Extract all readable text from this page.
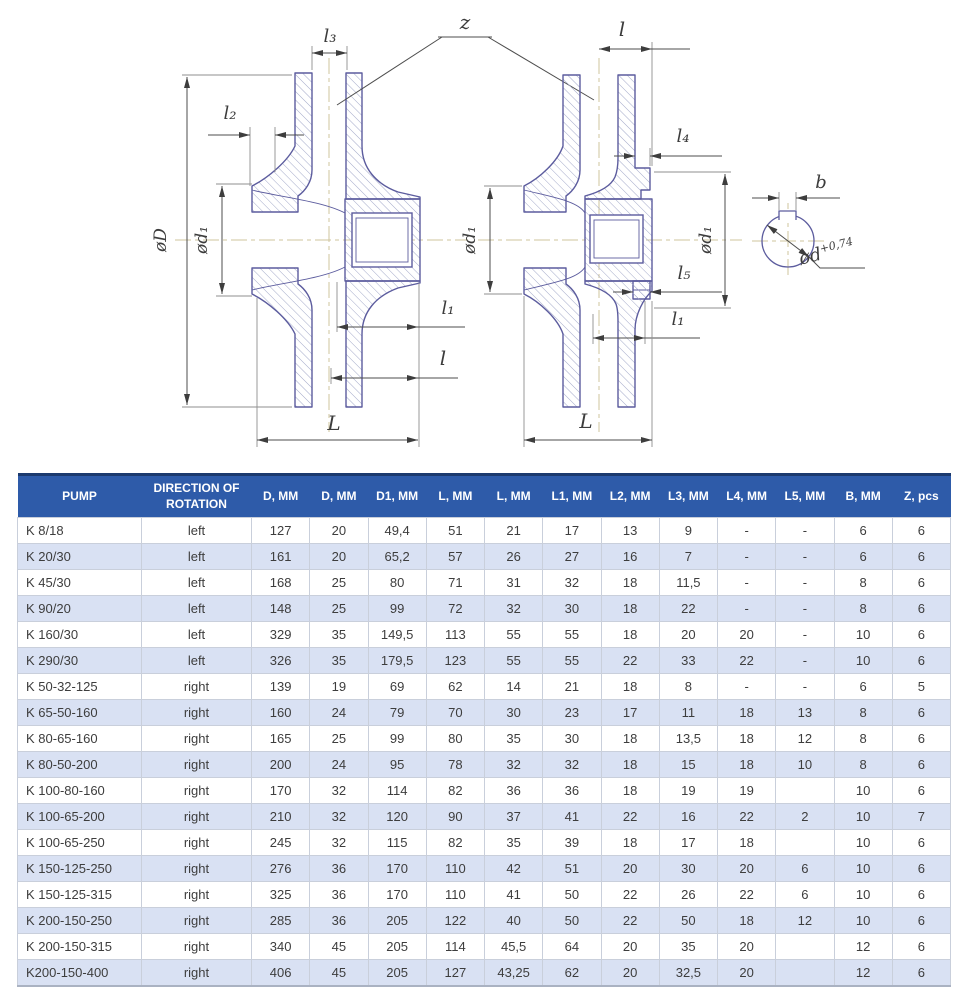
l₃
z
l₂
øD ød₁
l₁
l
L
l
l₄
ød₁	ød₁
l₅
l₁
L
b
$ød^{+0,74}$
PUMP	DIRECTION OF ROTATION	D, MM	D, MM	D1, MM	L, MM	L, MM	L1, MM	L2, MM	L3, MM	L4, MM	L5, MM	B, MM	Z, pcs
K 8/18	left	127	20	49,4	51	21	17	13	9	-	-	6	6
K 20/30	left	161	20	65,2	57	26	27	16	7	-	-	6	6
K 45/30	left	168	25	80	71	31	32	18	11,5	-	-	8	6
K 90/20	left	148	25	99	72	32	30	18	22	-	-	8	6
K 160/30	left	329	35	149,5	113	55	55	18	20	20	-	10	6
K 290/30	left	326	35	179,5	123	55	55	22	33	22	-	10	6
K 50-32-125	right	139	19	69	62	14	21	18	8	-	-	6	5
K 65-50-160	right	160	24	79	70	30	23	17	11	18	13	8	6
K 80-65-160	right	165	25	99	80	35	30	18	13,5	18	12	8	6
K 80-50-200	right	200	24	95	78	32	32	18	15	18	10	8	6
K 100-80-160	right	170	32	114	82	36	36	18	19	19		10	6
K 100-65-200	right	210	32	120	90	37	41	22	16	22	2	10	7
K 100-65-250	right	245	32	115	82	35	39	18	17	18		10	6
K 150-125-250	right	276	36	170	110	42	51	20	30	20	6	10	6
K 150-125-315	right	325	36	170	110	41	50	22	26	22	6	10	6
K 200-150-250	right	285	36	205	122	40	50	22	50	18	12	10	6
K 200-150-315	right	340	45	205	114	45,5	64	20	35	20		12	6
K200-150-400	right	406	45	205	127	43,25	62	20	32,5	20		12	6
